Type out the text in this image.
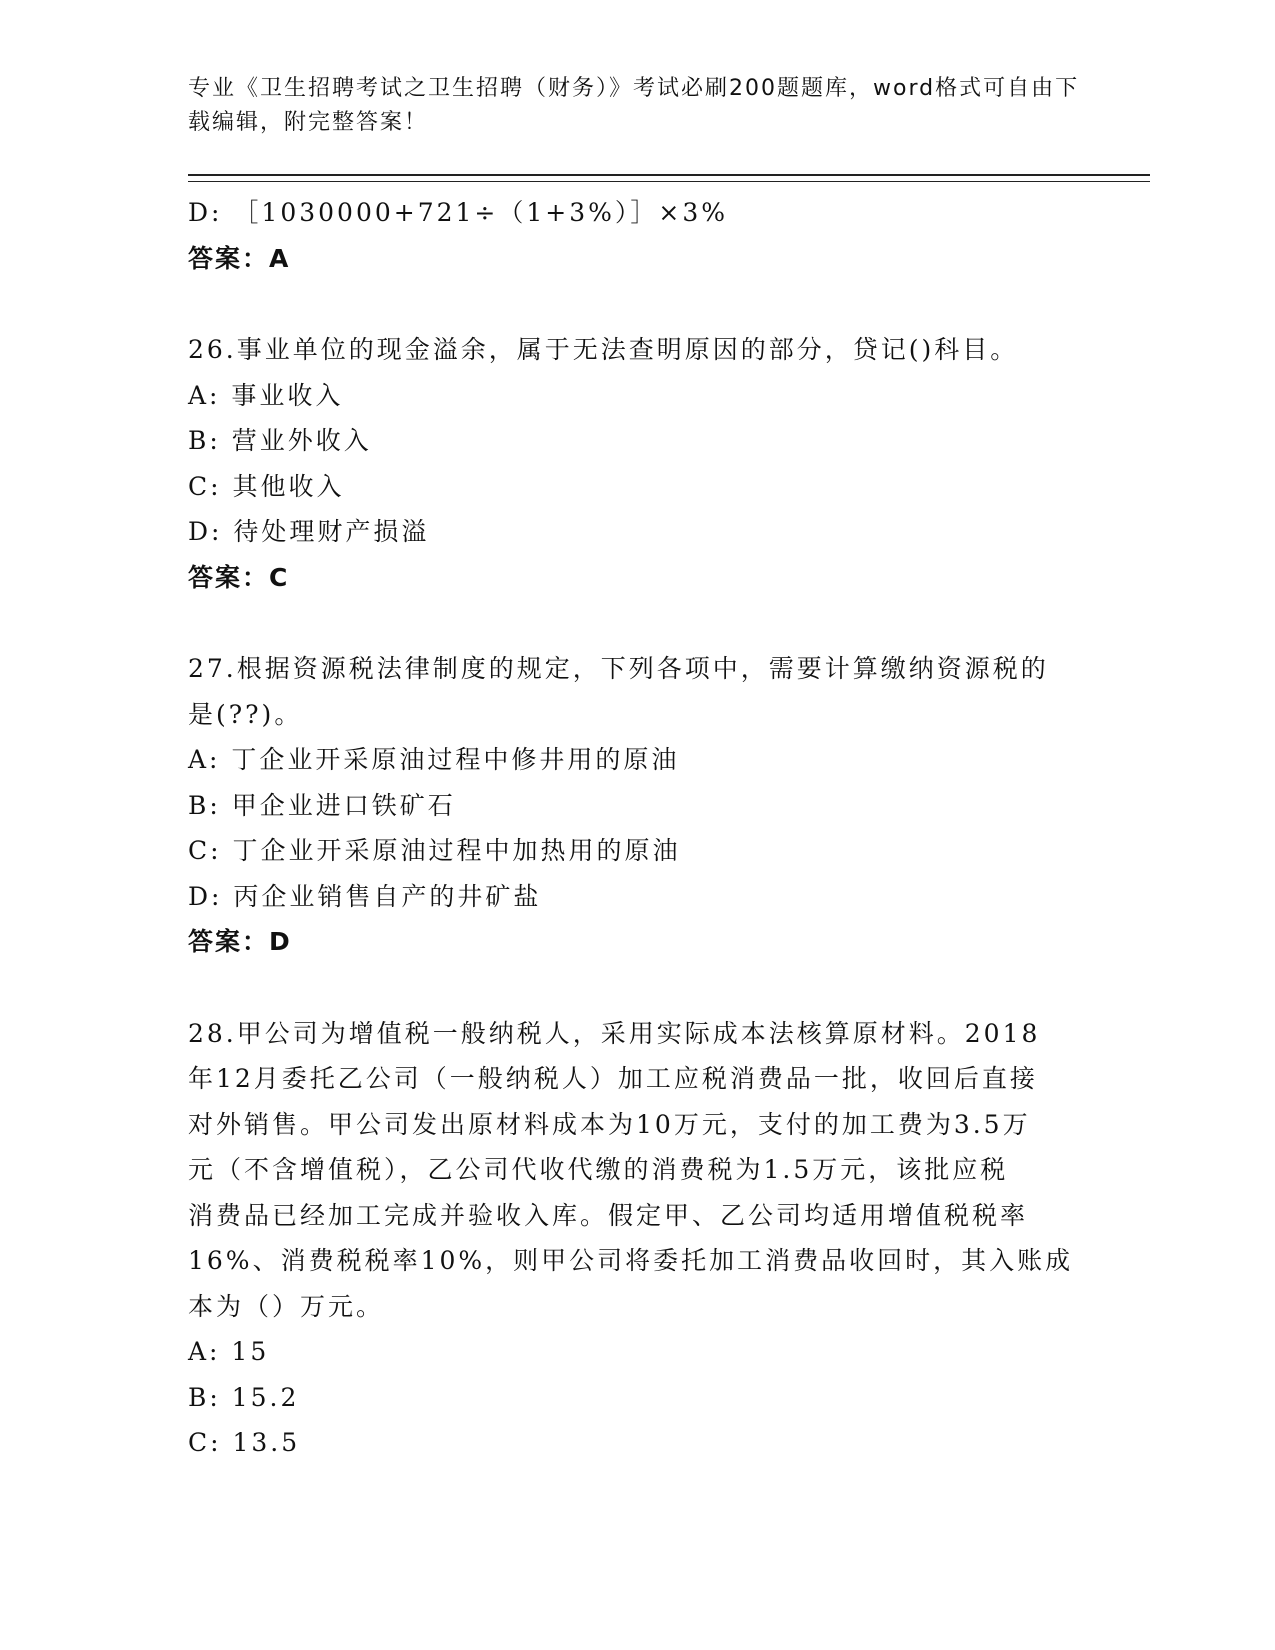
专业《卫生招聘考试之卫生招聘（财务）》考试必刷200题题库，word格式可自由下载编辑，附完整答案！
D: ［1030000+721÷（1+3%）］×3%
答案：A
26.事业单位的现金溢余，属于无法查明原因的部分，贷记()科目。
A: 事业收入
B: 营业外收入
C: 其他收入
D: 待处理财产损溢
答案：C
27.根据资源税法律制度的规定，下列各项中，需要计算缴纳资源税的
是(??)。
A: 丁企业开采原油过程中修井用的原油
B: 甲企业进口铁矿石
C: 丁企业开采原油过程中加热用的原油
D: 丙企业销售自产的井矿盐
答案：D
28.甲公司为增值税一般纳税人，采用实际成本法核算原材料。2018
年12月委托乙公司（一般纳税人）加工应税消费品一批，收回后直接
对外销售。甲公司发出原材料成本为10万元，支付的加工费为3.5万
元（不含增值税），乙公司代收代缴的消费税为1.5万元，该批应税
消费品已经加工完成并验收入库。假定甲、乙公司均适用增值税税率
16%、消费税税率10%，则甲公司将委托加工消费品收回时，其入账成
本为（）万元。
A: 15
B: 15.2
C: 13.5
